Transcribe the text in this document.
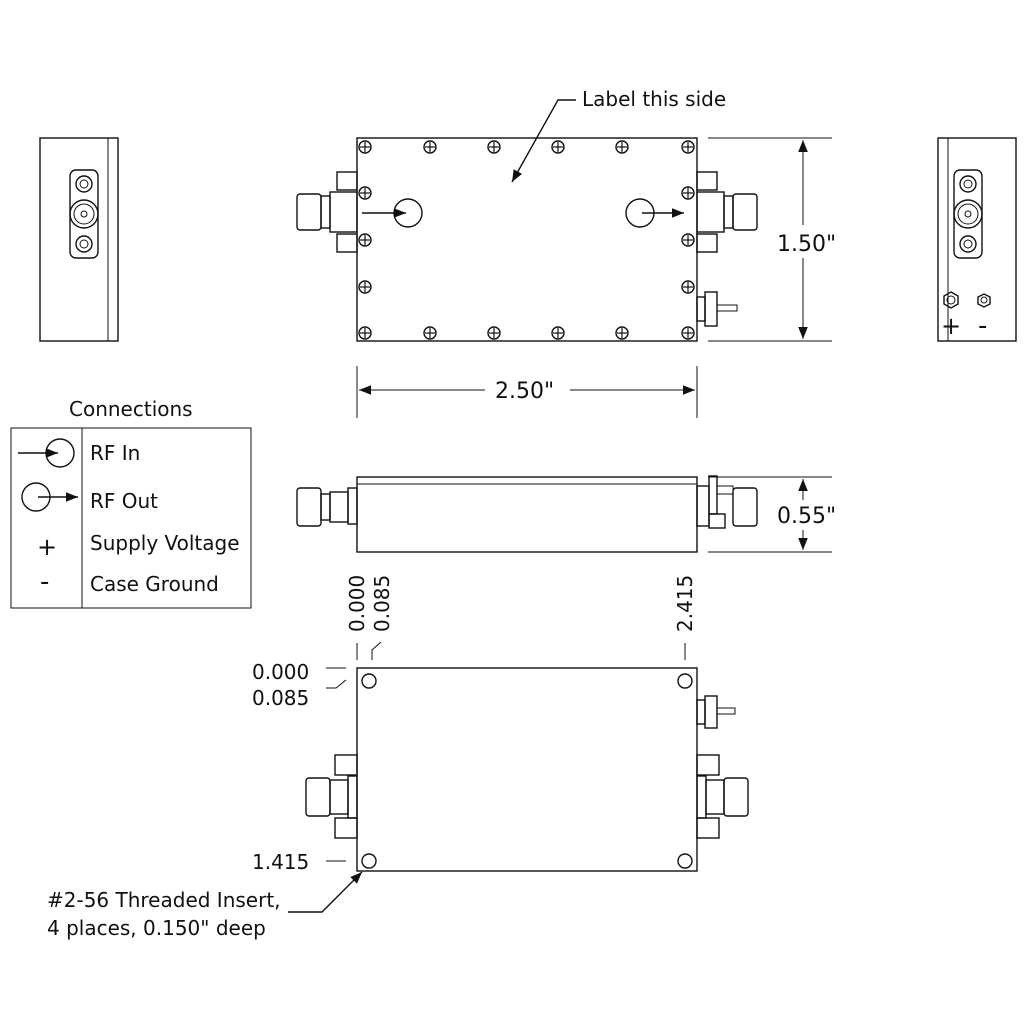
Label this side
1.50"
2.50"
+ -
Connections
RF In
RF Out
+ Supply Voltage
- Case Ground
0.55"
0.000 0.085	2.415
0.000
0.085
1.415
#2-56 Threaded Insert,
4 places, 0.150" deep
